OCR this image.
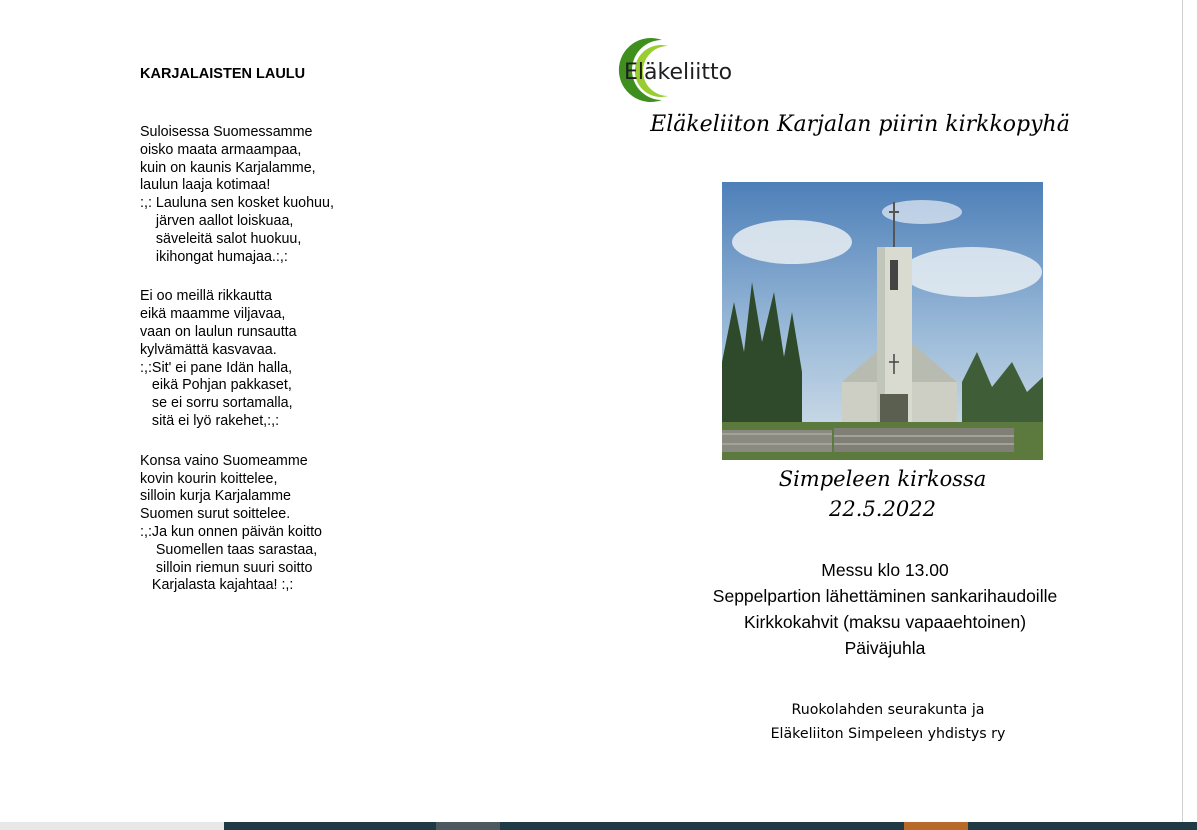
KARJALAISTEN LAULU
Suloisessa Suomessamme
oisko maata armaampaa,
kuin on kaunis Karjalamme,
laulun laaja kotimaa!
:,: Lauluna sen kosket kuohuu,
järven aallot loiskuaa,
säveleitä salot huokuu,
ikihongat humajaa.:,:
Ei oo meillä rikkautta
eikä maamme viljavaa,
vaan on laulun runsautta
kylvämättä kasvavaa.
:,:Sit' ei pane Idän halla,
eikä Pohjan pakkaset,
se ei sorru sortamalla,
sitä ei lyö rakehet,:,:
Konsa vaino Suomeamme
kovin kourin koittelee,
silloin kurja Karjalamme
Suomen surut soittelee.
:,:Ja kun onnen päivän koitto
Suomellen taas sarastaa,
silloin riemun suuri soitto
Karjalasta kajahtaa! :,:
Eläkeliitto
Eläkeliiton Karjalan piirin kirkkopyhä
Simpeleen kirkossa
22.5.2022
Messu klo 13.00
Seppelpartion lähettäminen sankarihaudoille
Kirkkokahvit (maksu vapaaehtoinen)
Päiväjuhla
Ruokolahden seurakunta ja
Eläkeliiton Simpeleen yhdistys ry
